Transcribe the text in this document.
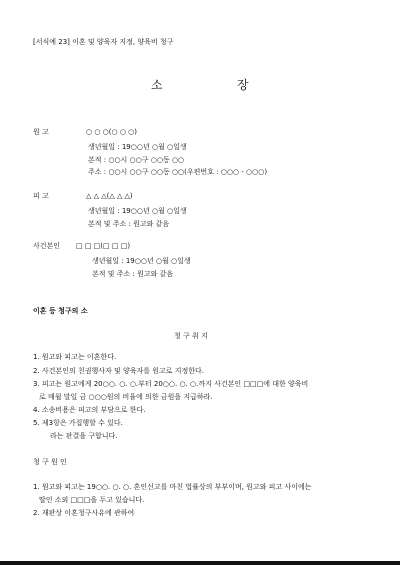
[서식예 23] 이혼 및 양육자 지정, 양육비 청구
소	장
원 고	○ ○ ○(○ ○ ○)
생년월일 : 19○○년 ○월 ○일생
본적 : ○○시 ○○구 ○○동 ○○
주소 : ○○시 ○○구 ○○동 ○○(우편번호 : ○○○ - ○○○)
피 고	△ △ △(△ △ △)
생년월일 : 19○○년 ○월 ○일생
본적 및 주소 : 원고와 같음
사건본인 □ □ □(□ □ □)
생년월일 : 19○○년 ○월 ○일생
본적 및 주소 : 원고와 같음
이혼 등 청구의 소
청 구 취 지
1. 원고와 피고는 이혼한다.
2. 사건본인의 친권행사자 및 양육자를 원고로 지정한다.
3. 피고는 원고에게 20○○. ○. ○.부터 20○○. ○. ○.까지 사건본인 □□□에 대한 양육비
로 매월 말일 금 ○○○원의 비율에 의한 금원을 지급하라.
4. 소송비용은 피고의 부담으로 한다.
5. 제3항은 가집행할 수 있다.
라는 판결을 구합니다.
청 구 원 인
1. 원고와 피고는 19○○. ○. ○. 혼인신고를 마친 법률상의 부부이며, 원고와 피고 사이에는
딸인 소외 □□□을 두고 있습니다.
2. 재판상 이혼청구사유에 관하여
